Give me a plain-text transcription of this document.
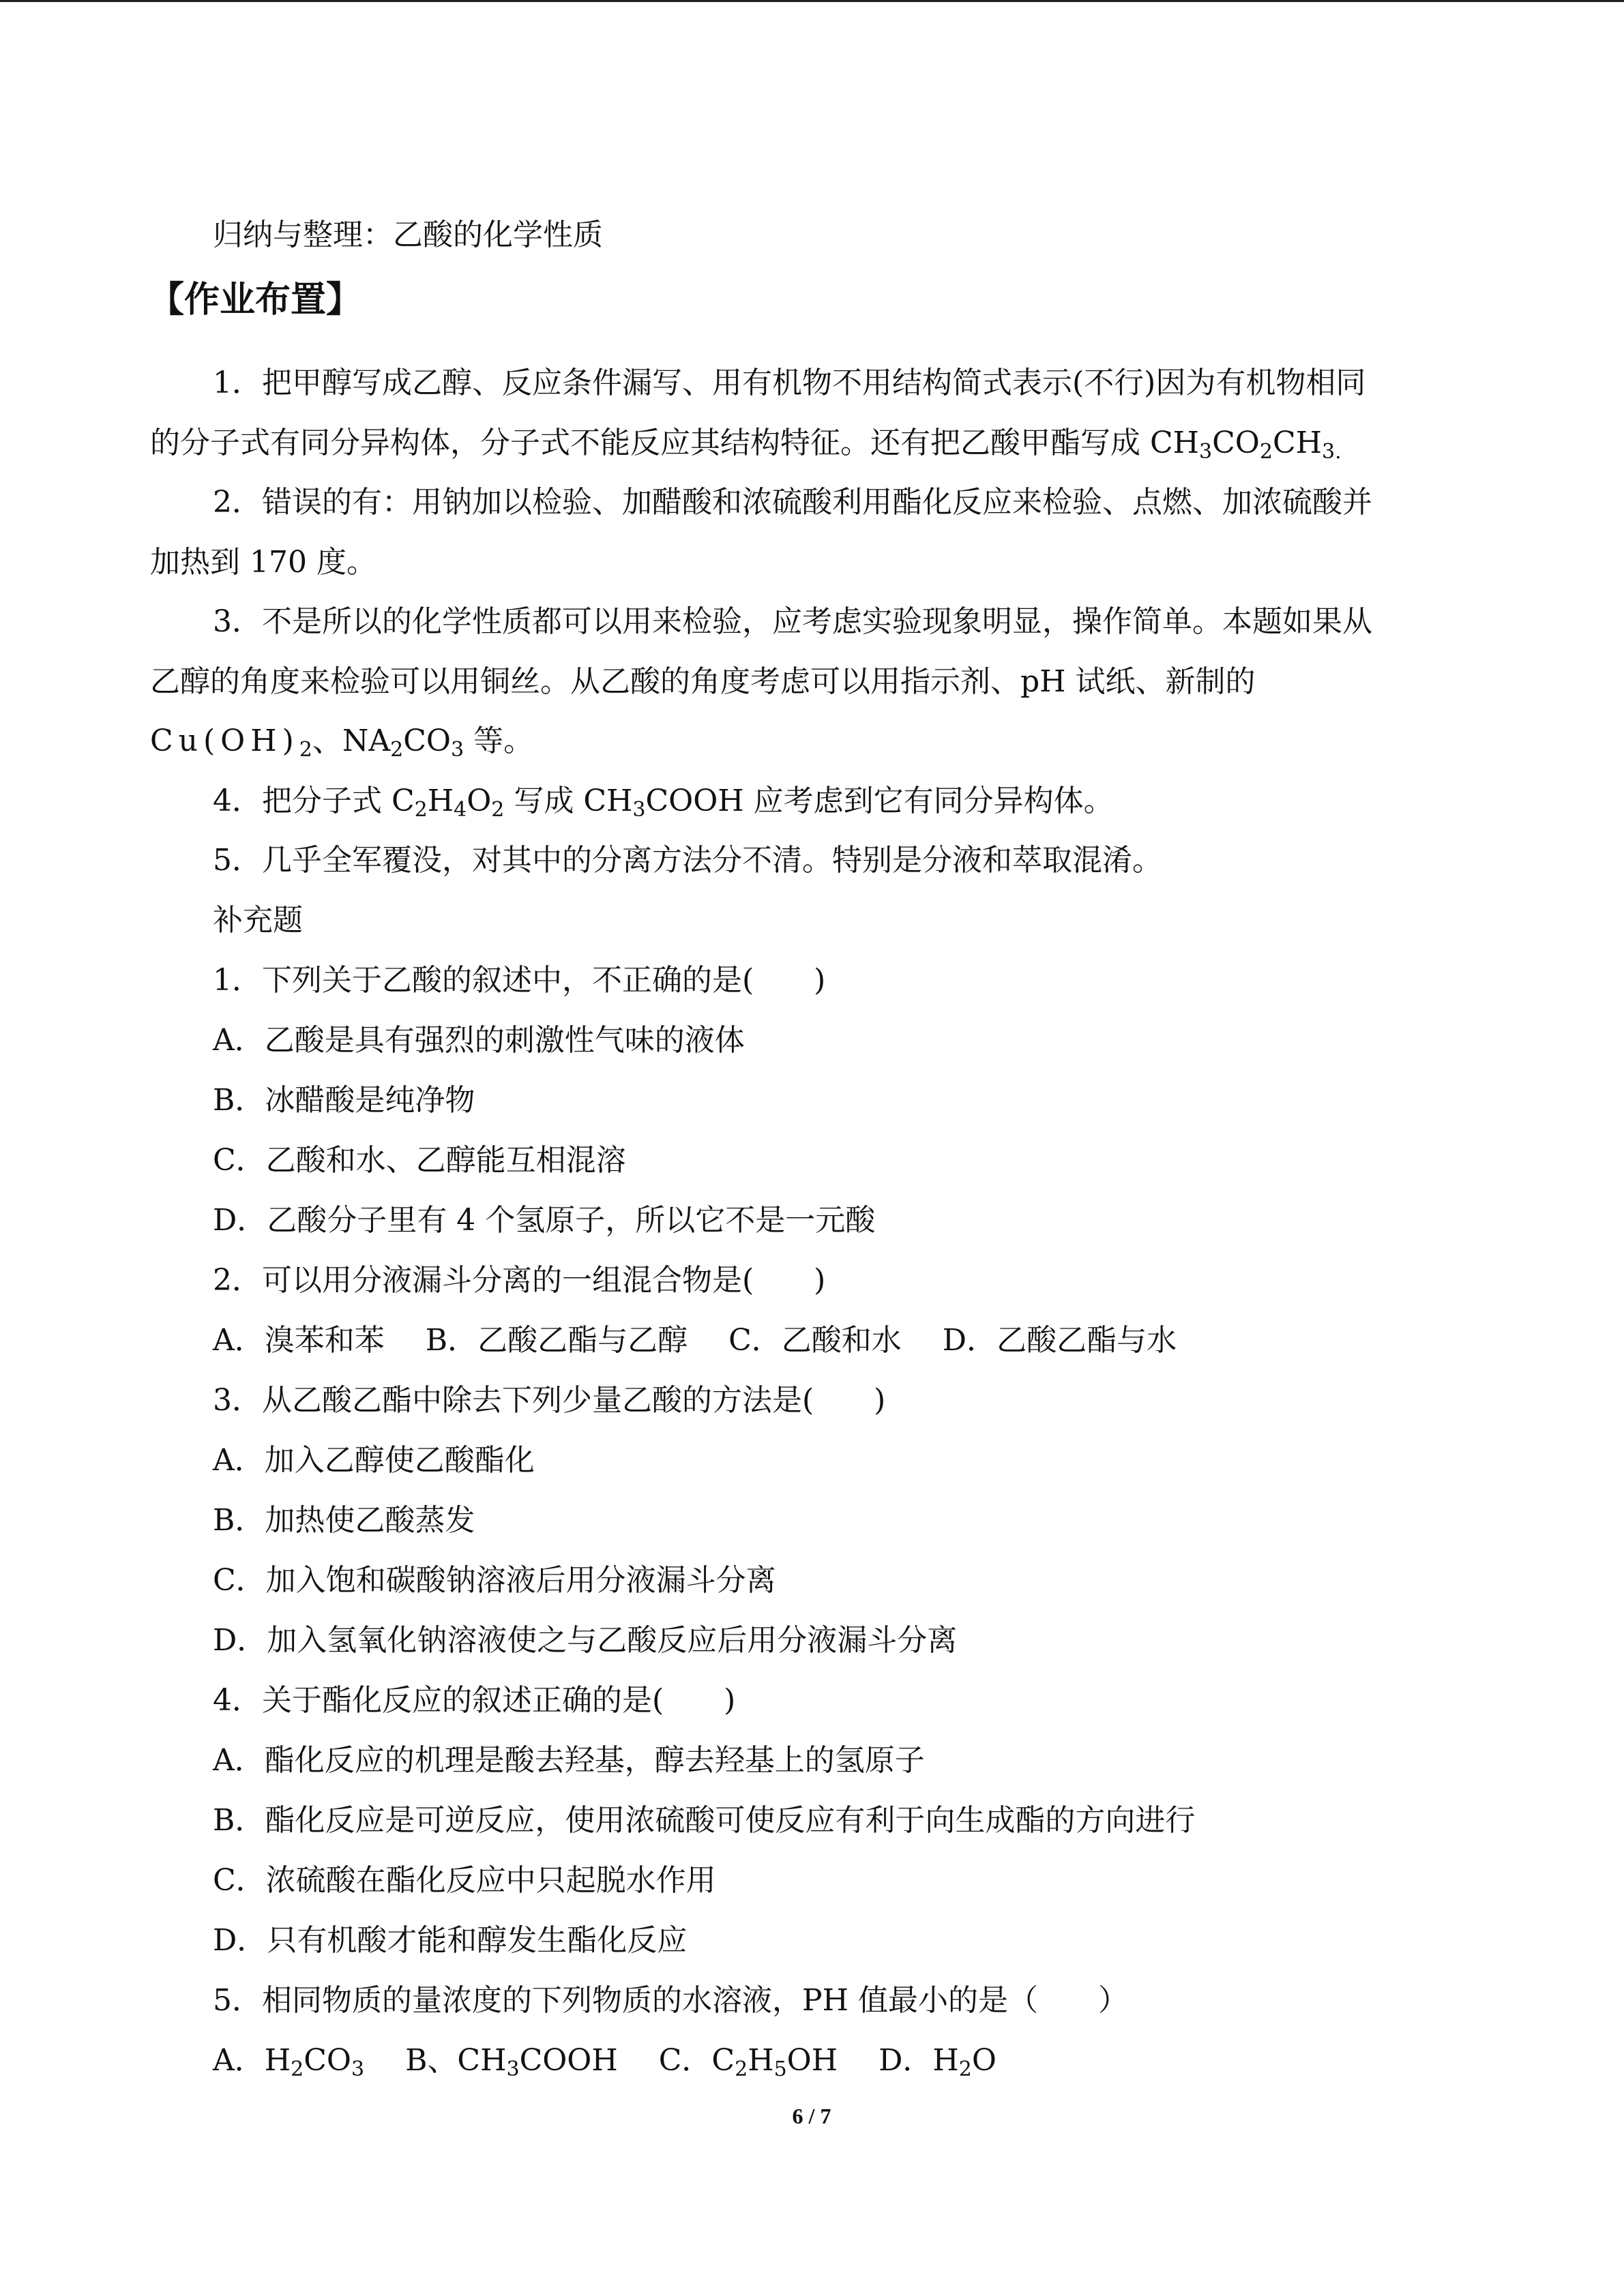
归纳与整理：乙酸的化学性质
【作业布置】
1．把甲醇写成乙醇、反应条件漏写、用有机物不用结构简式表示(不行)因为有机物相同
的分子式有同分异构体，分子式不能反应其结构特征。还有把乙酸甲酯写成 $CH_3CO_2CH_{3.}$
2．错误的有：用钠加以检验、加醋酸和浓硫酸利用酯化反应来检验、点燃、加浓硫酸并
加热到 170 度。
3．不是所以的化学性质都可以用来检验，应考虑实验现象明显，操作简单。本题如果从
乙醇的角度来检验可以用铜丝。从乙酸的角度考虑可以用指示剂、pH 试纸、新制的
$Cu(OH)_2$、$NA_2CO_3$ 等。
4．把分子式 $C_2H_4O_2$ 写成 $CH_3COOH$ 应考虑到它有同分异构体。
5．几乎全军覆没，对其中的分离方法分不清。特别是分液和萃取混淆。
补充题
1．下列关于乙酸的叙述中，不正确的是(　　)
A．乙酸是具有强烈的刺激性气味的液体
B．冰醋酸是纯净物
C．乙酸和水、乙醇能互相混溶
D．乙酸分子里有 4 个氢原子，所以它不是一元酸
2．可以用分液漏斗分离的一组混合物是(　　)
A．溴苯和苯 B．乙酸乙酯与乙醇 C．乙酸和水 D．乙酸乙酯与水
3．从乙酸乙酯中除去下列少量乙酸的方法是(　　)
A．加入乙醇使乙酸酯化
B．加热使乙酸蒸发
C．加入饱和碳酸钠溶液后用分液漏斗分离
D．加入氢氧化钠溶液使之与乙酸反应后用分液漏斗分离
4．关于酯化反应的叙述正确的是(　　)
A．酯化反应的机理是酸去羟基，醇去羟基上的氢原子
B．酯化反应是可逆反应，使用浓硫酸可使反应有利于向生成酯的方向进行
C．浓硫酸在酯化反应中只起脱水作用
D．只有机酸才能和醇发生酯化反应
5．相同物质的量浓度的下列物质的水溶液，PH 值最小的是（　　）
A．$H_2CO_3$ B、$CH_3COOH$ C．$C_2H_5OH$ D．$H_2O$
6 / 7
